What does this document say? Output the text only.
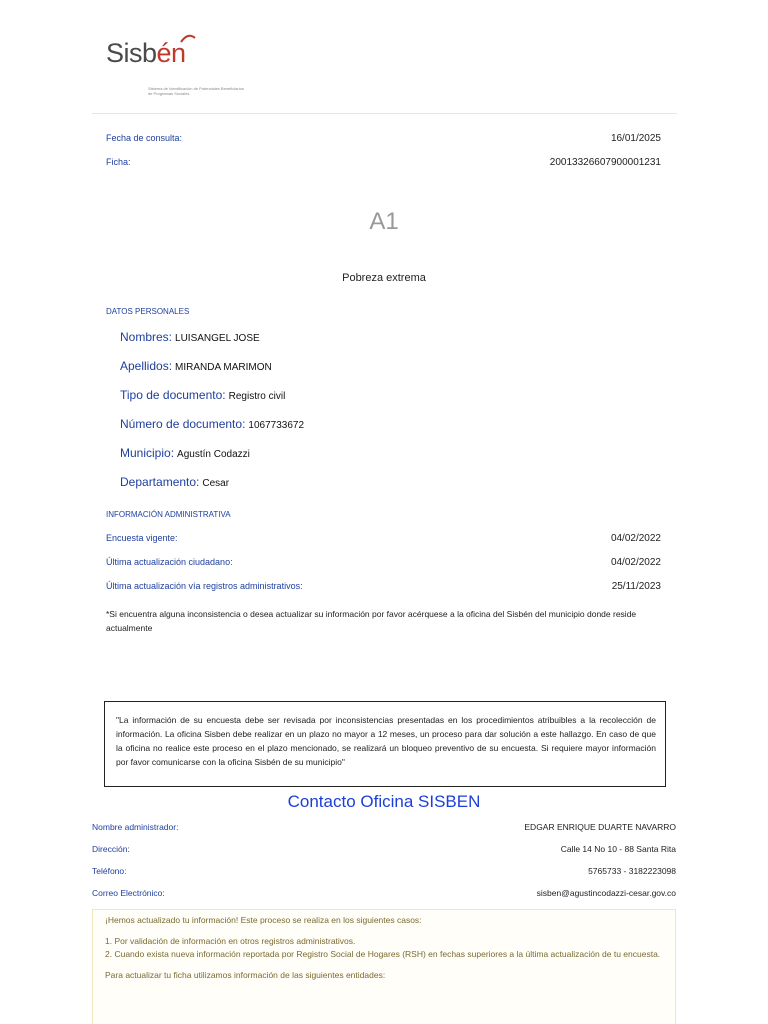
Sisbén
Sistema de Identificación de Potenciales Beneficiarios de Programas Sociales
Fecha de consulta:	16/01/2025
Ficha:	20013326607900001231
A1
Pobreza extrema
DATOS PERSONALES
Nombres: LUISANGEL JOSE
Apellidos: MIRANDA MARIMON
Tipo de documento: Registro civil
Número de documento: 1067733672
Municipio: Agustín Codazzi
Departamento: Cesar
INFORMACIÓN ADMINISTRATIVA
Encuesta vigente:	04/02/2022
Última actualización ciudadano:	04/02/2022
Última actualización vía registros administrativos:	25/11/2023
*Si encuentra alguna inconsistencia o desea actualizar su información por favor acérquese a la oficina del Sisbén del municipio donde reside actualmente
"La información de su encuesta debe ser revisada por inconsistencias presentadas en los procedimientos atribuibles a la recolección de información. La oficina Sisben debe realizar en un plazo no mayor a 12 meses, un proceso para dar solución a este hallazgo. En caso de que la oficina no realice este proceso en el plazo mencionado, se realizará un bloqueo preventivo de su encuesta. Si requiere mayor información por favor comunicarse con la oficina Sisbén de su municipio"
Contacto Oficina SISBEN
Nombre administrador:	EDGAR ENRIQUE DUARTE NAVARRO
Dirección:	Calle 14 No 10 - 88 Santa Rita
Teléfono:	5765733 - 3182223098
Correo Electrónico:	sisben@agustincodazzi-cesar.gov.co

¡Hemos actualizado tu información! Este proceso se realiza en los siguientes casos:

1. Por validación de información en otros registros administrativos.

2. Cuando exista nueva información reportada por Registro Social de Hogares (RSH) en fechas superiores a la última actualización de tu encuesta.

Para actualizar tu ficha utilizamos información de las siguientes entidades:
